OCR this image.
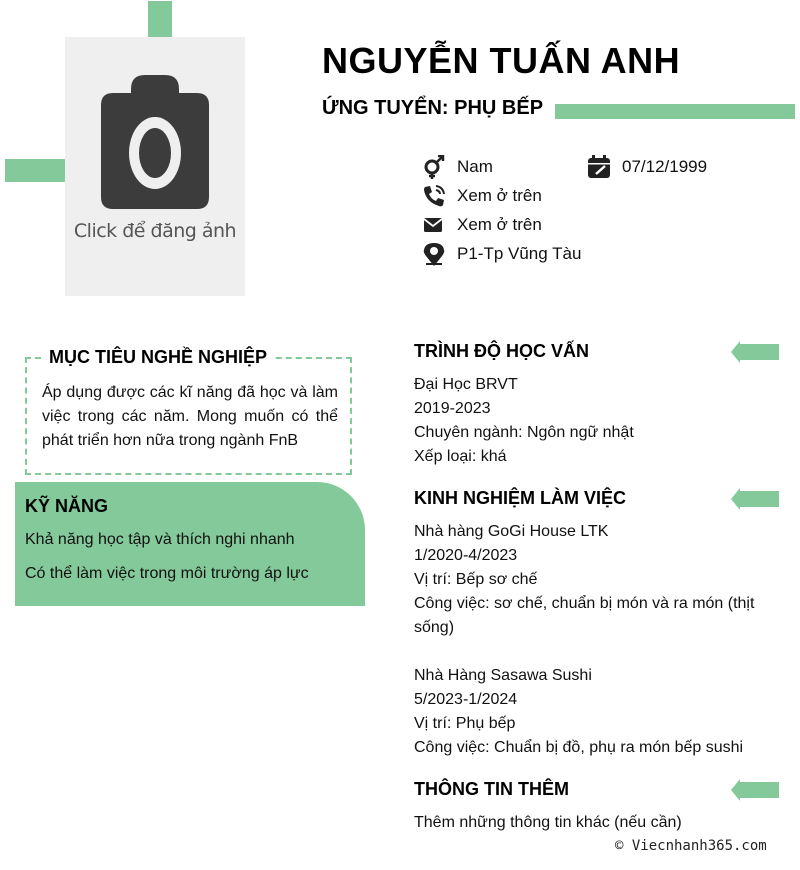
Click để đăng ảnh
NGUYỄN TUẤN ANH
ỨNG TUYỂN: PHỤ BẾP
Nam	07/12/1999
Xem ở trên
Xem ở trên
P1-Tp Vũng Tàu
MỤC TIÊU NGHỀ NGHIỆP
Áp dụng được các kĩ năng đã học và làm việc trong các năm. Mong muốn có thể phát triển hơn nữa trong ngành FnB
KỸ NĂNG
Khả năng học tập và thích nghi nhanh
Có thể làm việc trong môi trường áp lực
TRÌNH ĐỘ HỌC VẤN
Đại Học BRVT
2019-2023
Chuyên ngành: Ngôn ngữ nhật
Xếp loại: khá
KINH NGHIỆM LÀM VIỆC
Nhà hàng GoGi House LTK
1/2020-4/2023
Vị trí: Bếp sơ chế
Công việc: sơ chế, chuẩn bị món và ra món (thịt
sống)
Nhà Hàng Sasawa Sushi
5/2023-1/2024
Vị trí: Phụ bếp
Công việc: Chuẩn bị đồ, phụ ra món bếp sushi
THÔNG TIN THÊM
Thêm những thông tin khác (nếu cần)
© Viecnhanh365.com
